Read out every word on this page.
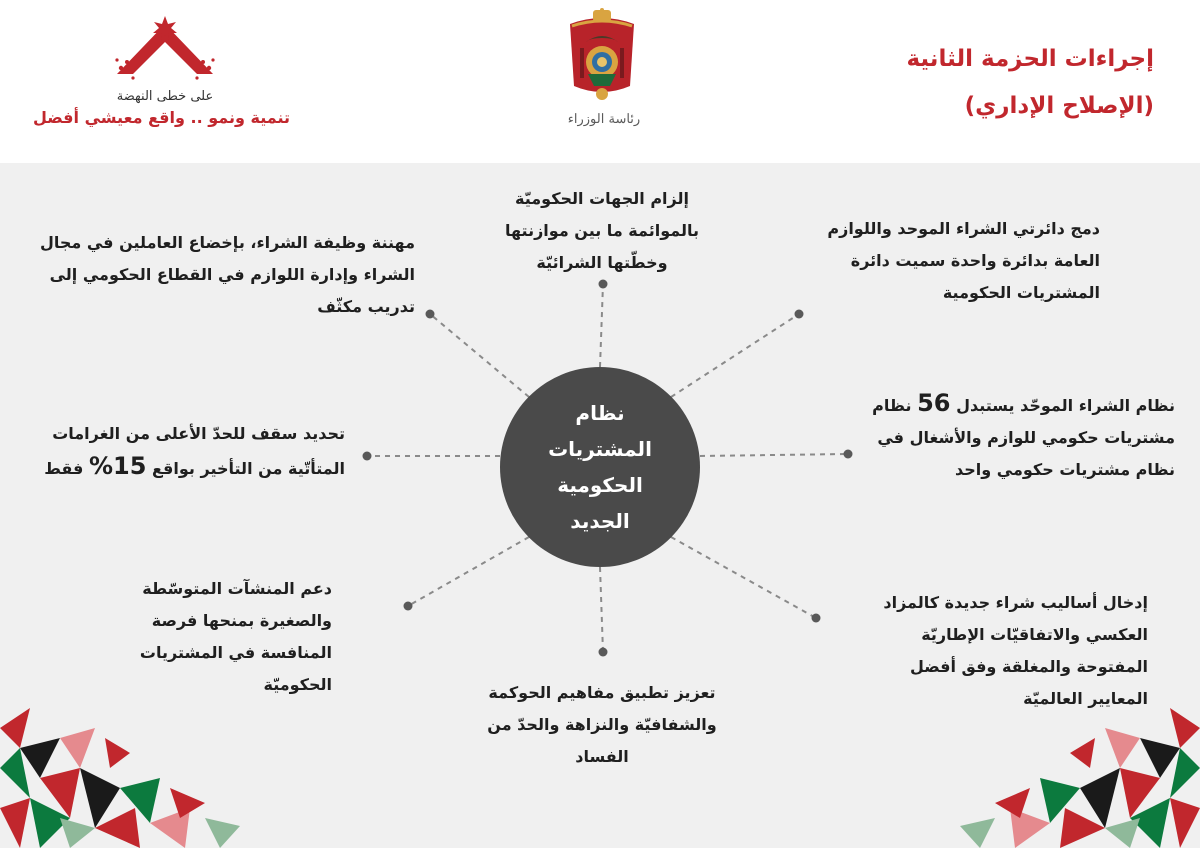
إجراءات الحزمة الثانية
(الإصلاح الإداري)
رئاسة الوزراء
على خطى النهضة
تنمية ونمو .. واقع معيشي أفضل
نظام
المشتريات
الحكومية
الجديد
إلزام الجهات الحكوميّة
بالموائمة ما بين موازنتها
وخطّتها الشرائيّة
دمج دائرتي الشراء الموحد واللوازم
العامة بدائرة واحدة سميت دائرة
المشتريات الحكومية
نظام الشراء الموحّد يستبدل 56 نظام
مشتريات حكومي للوازم والأشغال في
نظام مشتريات حكومي واحد
إدخال أساليب شراء جديدة كالمزاد
العكسي والاتفاقيّات الإطاريّة
المفتوحة والمغلقة وفق أفضل
المعايير العالميّة
تعزيز تطبيق مفاهيم الحوكمة
والشفافيّة والنزاهة والحدّ من
الفساد
دعم المنشآت المتوسّطة
والصغيرة بمنحها فرصة
المنافسة في المشتريات
الحكوميّة
تحديد سقف للحدّ الأعلى من الغرامات
المتأتّية من التأخير بواقع 15% فقط
مهننة وظيفة الشراء، بإخضاع العاملين في مجال
الشراء وإدارة اللوازم في القطاع الحكومي إلى
تدريب مكثّف
